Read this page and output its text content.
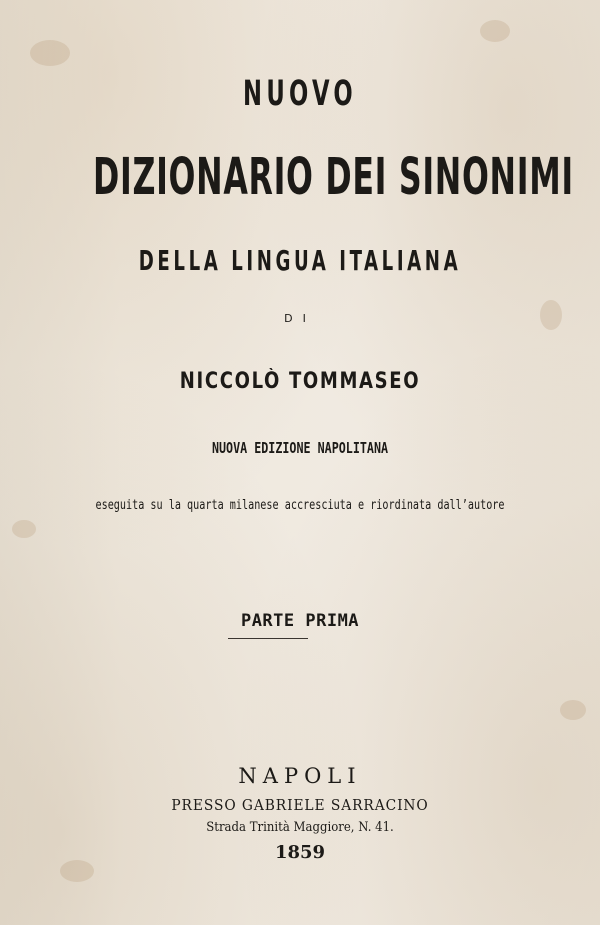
NUOVO
DIZIONARIO DEI SINONIMI
DELLA LINGUA ITALIANA
DI
NICCOLÒ TOMMASEO
NUOVA EDIZIONE NAPOLITANA
eseguita su la quarta milanese accresciuta e riordinata dall’autore
PARTE PRIMA
NAPOLI
PRESSO GABRIELE SARRACINO
Strada Trinità Maggiore, N. 41.
1859
